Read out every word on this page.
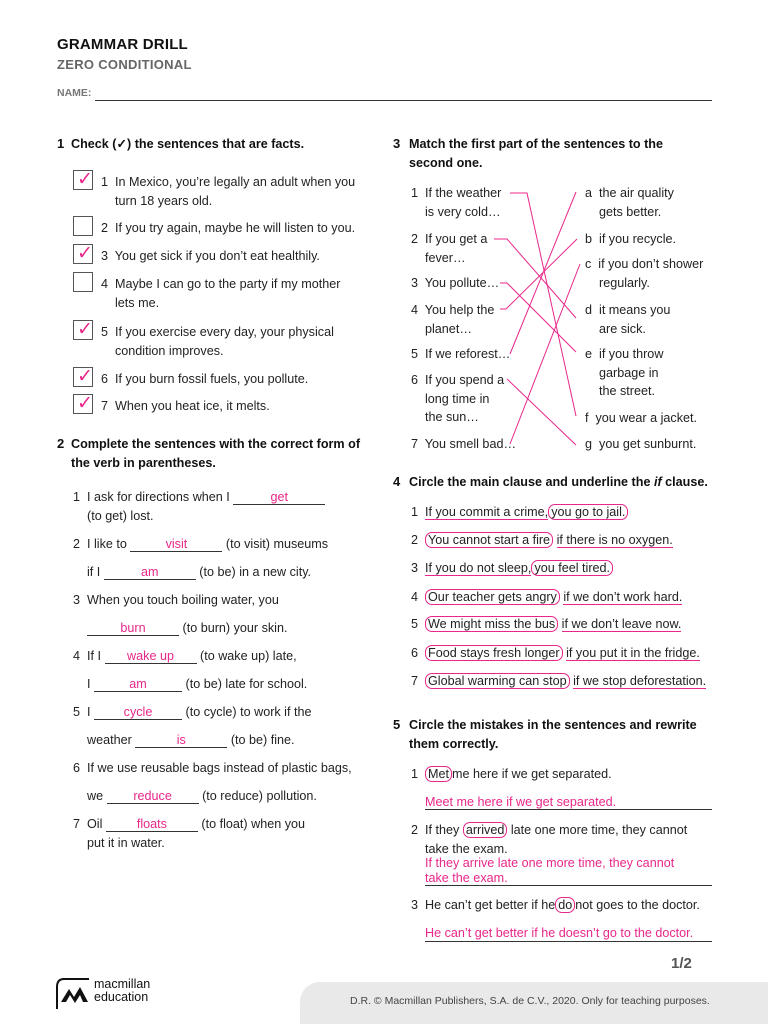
GRAMMAR DRILL
ZERO CONDITIONAL
NAME:
1 Check (✓) the sentences that are facts.
✓ 1 In Mexico, you’re legally an adult when you
turn 18 years old.
2 If you try again, maybe he will listen to you.
✓ 3 You get sick if you don’t eat healthily.
4 Maybe I can go to the party if my mother
lets me.
✓ 5 If you exercise every day, your physical
condition improves.
✓ 6 If you burn fossil fuels, you pollute.
✓ 7 When you heat ice, it melts.
2 Complete the sentences with the correct form of
the verb in parentheses.
1 I ask for directions when I	get
(to get) lost.
2 I like to	visit	(to visit) museums
if I	am	(to be) in a new city.
3 When you touch boiling water, you
burn	(to burn) your skin.
4 If I wake up (to wake up) late,
I	am	(to be) late for school.
5 I	cycle	(to cycle) to work if the
weather	is	(to be) fine.
6 If we use reusable bags instead of plastic bags,
we reduce (to reduce) pollution.
7 Oil	floats	(to float) when you
put it in water.
3 Match the first part of the sentences to the
second one.
1 If the weather
is very cold…
2 If you get a
fever…
3 You pollute…
4 You help the
planet…
5 If we reforest…
6 If you spend a
long time in
the sun…
7 You smell bad…
a the air quality
gets better.
b if you recycle.
c if you don’t shower
regularly.
d it means you
are sick.
e if you throw
garbage in
the street.
f you wear a jacket.
g you get sunburnt.
4 Circle the main clause and underline the if clause.
1 If you commit a crime, you go to jail.
2 You cannot start a fire if there is no oxygen.
3 If you do not sleep, you feel tired.
4 Our teacher gets angry if we don’t work hard.
5 We might miss the bus if we don’t leave now.
6 Food stays fresh longer if you put it in the fridge.
7 Global warming can stop if we stop deforestation.
5 Circle the mistakes in the sentences and rewrite
them correctly.
1 Met me here if we get separated.
Meet me here if we get separated.
2 If they arrived late one more time, they cannot
take the exam.
If they arrive late one more time, they cannot
take the exam.
3 He can’t get better if he do not goes to the doctor.
He can’t get better if he doesn’t go to the doctor.
1/2
D.R. © Macmillan Publishers, S.A. de C.V., 2020. Only for teaching purposes.
macmillan
education
